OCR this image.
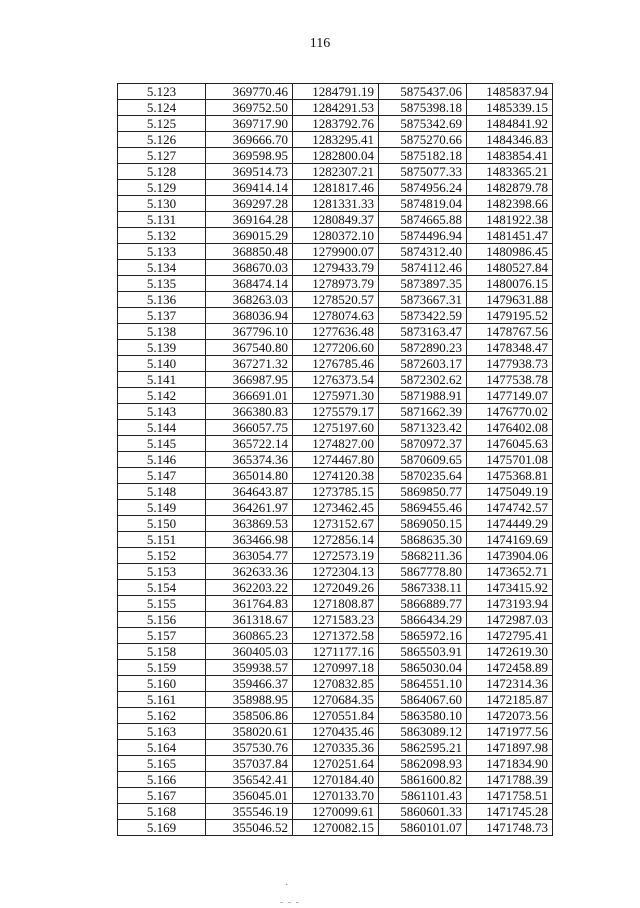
116
5.123	369770.46	1284791.19	5875437.06	1485837.94
5.124	369752.50	1284291.53	5875398.18	1485339.15
5.125	369717.90	1283792.76	5875342.69	1484841.92
5.126	369666.70	1283295.41	5875270.66	1484346.83
5.127	369598.95	1282800.04	5875182.18	1483854.41
5.128	369514.73	1282307.21	5875077.33	1483365.21
5.129	369414.14	1281817.46	5874956.24	1482879.78
5.130	369297.28	1281331.33	5874819.04	1482398.66
5.131	369164.28	1280849.37	5874665.88	1481922.38
5.132	369015.29	1280372.10	5874496.94	1481451.47
5.133	368850.48	1279900.07	5874312.40	1480986.45
5.134	368670.03	1279433.79	5874112.46	1480527.84
5.135	368474.14	1278973.79	5873897.35	1480076.15
5.136	368263.03	1278520.57	5873667.31	1479631.88
5.137	368036.94	1278074.63	5873422.59	1479195.52
5.138	367796.10	1277636.48	5873163.47	1478767.56
5.139	367540.80	1277206.60	5872890.23	1478348.47
5.140	367271.32	1276785.46	5872603.17	1477938.73
5.141	366987.95	1276373.54	5872302.62	1477538.78
5.142	366691.01	1275971.30	5871988.91	1477149.07
5.143	366380.83	1275579.17	5871662.39	1476770.02
5.144	366057.75	1275197.60	5871323.42	1476402.08
5.145	365722.14	1274827.00	5870972.37	1476045.63
5.146	365374.36	1274467.80	5870609.65	1475701.08
5.147	365014.80	1274120.38	5870235.64	1475368.81
5.148	364643.87	1273785.15	5869850.77	1475049.19
5.149	364261.97	1273462.45	5869455.46	1474742.57
5.150	363869.53	1273152.67	5869050.15	1474449.29
5.151	363466.98	1272856.14	5868635.30	1474169.69
5.152	363054.77	1272573.19	5868211.36	1473904.06
5.153	362633.36	1272304.13	5867778.80	1473652.71
5.154	362203.22	1272049.26	5867338.11	1473415.92
5.155	361764.83	1271808.87	5866889.77	1473193.94
5.156	361318.67	1271583.23	5866434.29	1472987.03
5.157	360865.23	1271372.58	5865972.16	1472795.41
5.158	360405.03	1271177.16	5865503.91	1472619.30
5.159	359938.57	1270997.18	5865030.04	1472458.89
5.160	359466.37	1270832.85	5864551.10	1472314.36
5.161	358988.95	1270684.35	5864067.60	1472185.87
5.162	358506.86	1270551.84	5863580.10	1472073.56
5.163	358020.61	1270435.46	5863089.12	1471977.56
5.164	357530.76	1270335.36	5862595.21	1471897.98
5.165	357037.84	1270251.64	5862098.93	1471834.90
5.166	356542.41	1270184.40	5861600.82	1471788.39
5.167	356045.01	1270133.70	5861101.43	1471758.51
5.168	355546.19	1270099.61	5860601.33	1471745.28
5.169	355046.52	1270082.15	5860101.07	1471748.73
·
- - -
